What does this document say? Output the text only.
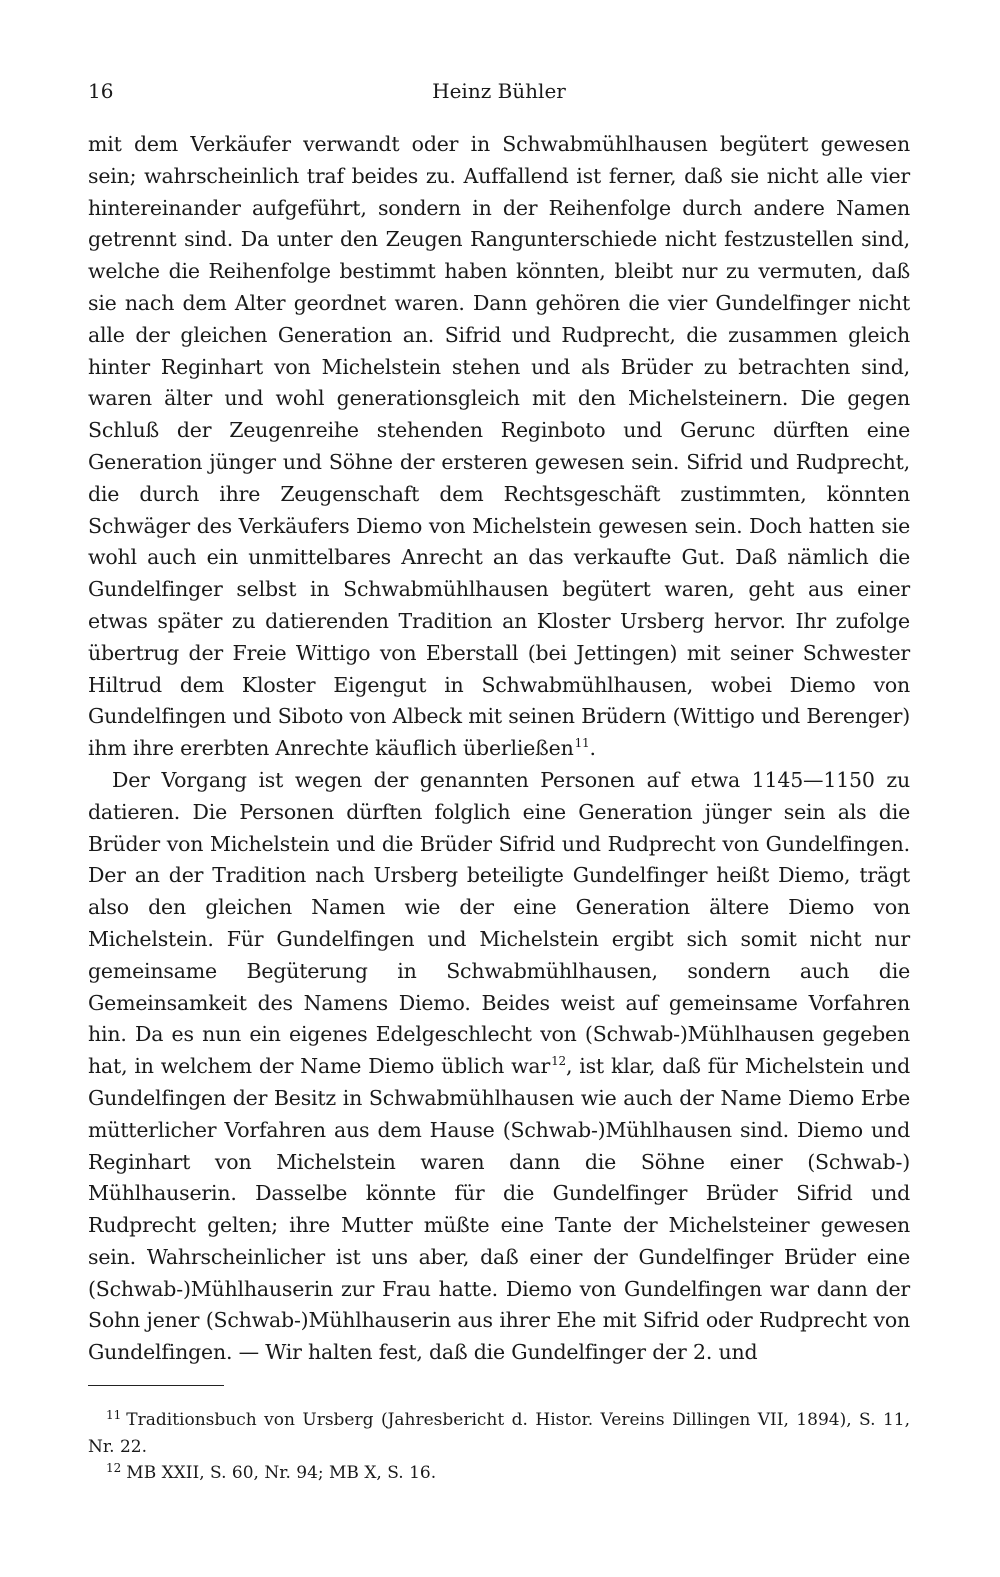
16	Heinz Bühler

mit dem Verkäufer verwandt oder in Schwabmühlhausen begütert gewesen sein; wahrscheinlich traf beides zu. Auffallend ist ferner, daß sie nicht alle vier hintereinander aufgeführt, sondern in der Reihenfolge durch andere Namen getrennt sind. Da unter den Zeugen Rangunterschiede nicht festzustellen sind, welche die Reihenfolge bestimmt haben könnten, bleibt nur zu vermuten, daß sie nach dem Alter geordnet waren. Dann gehören die vier Gundelfinger nicht alle der gleichen Generation an. Sifrid und Rudprecht, die zusammen gleich hinter Reginhart von Michelstein stehen und als Brüder zu betrachten sind, waren älter und wohl generationsgleich mit den Michelsteinern. Die gegen Schluß der Zeugenreihe stehenden Reginboto und Gerunc dürften eine Generation jünger und Söhne der ersteren gewesen sein. Sifrid und Rudprecht, die durch ihre Zeugenschaft dem Rechtsgeschäft zustimmten, könnten Schwäger des Verkäufers Diemo von Michelstein gewesen sein. Doch hatten sie wohl auch ein unmittelbares Anrecht an das verkaufte Gut. Daß nämlich die Gundelfinger selbst in Schwabmühlhausen begütert waren, geht aus einer etwas später zu datierenden Tradition an Kloster Ursberg hervor. Ihr zufolge übertrug der Freie Wittigo von Eberstall (bei Jettingen) mit seiner Schwester Hiltrud dem Kloster Eigengut in Schwabmühlhausen, wobei Diemo von Gundelfingen und Siboto von Albeck mit seinen Brüdern (Wittigo und Berenger) ihm ihre ererbten Anrechte käuflich überließen$^{11}$.

Der Vorgang ist wegen der genannten Personen auf etwa 1145—1150 zu datieren. Die Personen dürften folglich eine Generation jünger sein als die Brüder von Michelstein und die Brüder Sifrid und Rudprecht von Gundelfingen. Der an der Tradition nach Ursberg beteiligte Gundelfinger heißt Diemo, trägt also den gleichen Namen wie der eine Generation ältere Diemo von Michelstein. Für Gundelfingen und Michelstein ergibt sich somit nicht nur gemeinsame Begüterung in Schwabmühlhausen, sondern auch die Gemeinsamkeit des Namens Diemo. Beides weist auf gemeinsame Vorfahren hin. Da es nun ein eigenes Edelgeschlecht von (Schwab-)Mühlhausen gegeben hat, in welchem der Name Diemo üblich war$^{12}$, ist klar, daß für Michelstein und Gundelfingen der Besitz in Schwabmühlhausen wie auch der Name Diemo Erbe mütterlicher Vorfahren aus dem Hause (Schwab-)Mühlhausen sind. Diemo und Reginhart von Michelstein waren dann die Söhne einer (Schwab-) Mühlhauserin. Dasselbe könnte für die Gundelfinger Brüder Sifrid und Rudprecht gelten; ihre Mutter müßte eine Tante der Michelsteiner gewesen sein. Wahrscheinlicher ist uns aber, daß einer der Gundelfinger Brüder eine (Schwab-)Mühlhauserin zur Frau hatte. Diemo von Gundelfingen war dann der Sohn jener (Schwab-)Mühlhauserin aus ihrer Ehe mit Sifrid oder Rudprecht von Gundelfingen. — Wir halten fest, daß die Gundelfinger der 2. und

$^{11}$ Traditionsbuch von Ursberg (Jahresbericht d. Histor. Vereins Dillingen VII, 1894), S. 11, Nr. 22.

$^{12}$ MB XXII, S. 60, Nr. 94; MB X, S. 16.
